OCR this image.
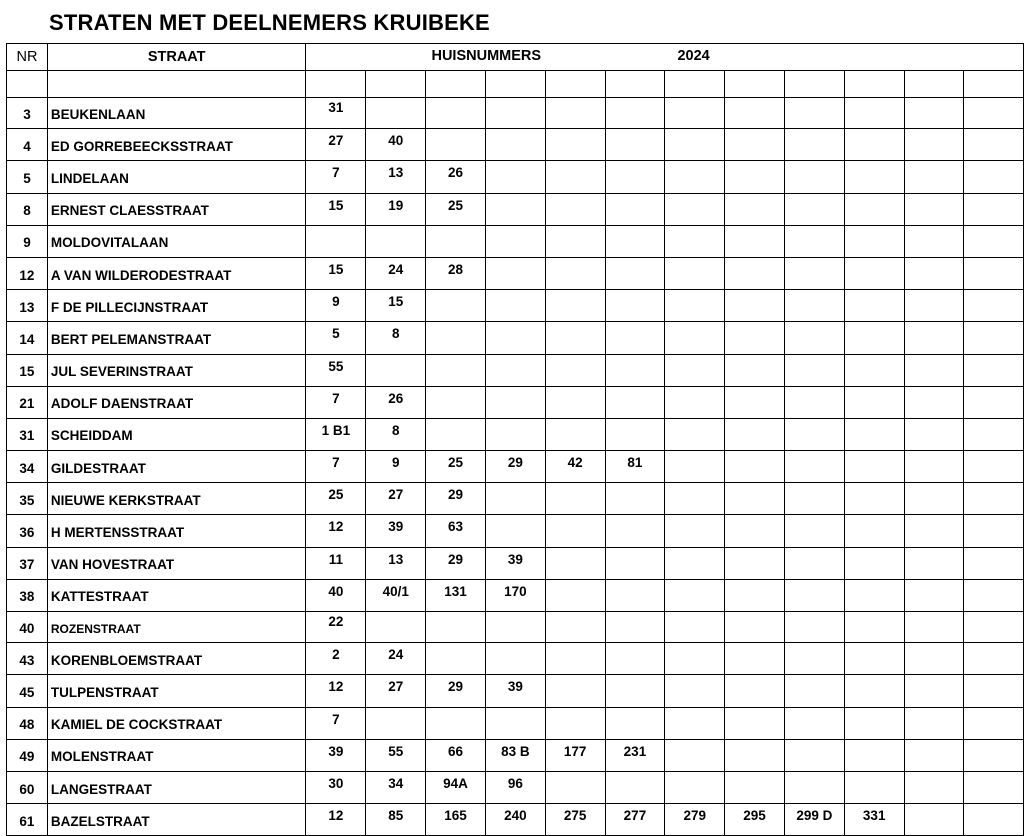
STRATEN MET DEELNEMERS KRUIBEKE
NR	STRAAT	HUISNUMMERS 2024											

3	BEUKENLAAN	31											
4	ED GORREBEECKSSTRAAT	27	40										
5	LINDELAAN	7	13	26									
8	ERNEST CLAESSTRAAT	15	19	25									
9	MOLDOVITALAAN												
12	A VAN WILDERODESTRAAT	15	24	28									
13	F DE PILLECIJNSTRAAT	9	15										
14	BERT PELEMANSTRAAT	5	8										
15	JUL SEVERINSTRAAT	55											
21	ADOLF DAENSTRAAT	7	26										
31	SCHEIDDAM	1 B1	8										
34	GILDESTRAAT	7	9	25	29	42	81						
35	NIEUWE KERKSTRAAT	25	27	29									
36	H MERTENSSTRAAT	12	39	63									
37	VAN HOVESTRAAT	11	13	29	39								
38	KATTESTRAAT	40	40/1	131	170								
40	ROZENSTRAAT	22											
43	KORENBLOEMSTRAAT	2	24										
45	TULPENSTRAAT	12	27	29	39								
48	KAMIEL DE COCKSTRAAT	7											
49	MOLENSTRAAT	39	55	66	83 B	177	231						
60	LANGESTRAAT	30	34	94A	96								
61	BAZELSTRAAT	12	85	165	240	275	277	279	295	299 D	331		
